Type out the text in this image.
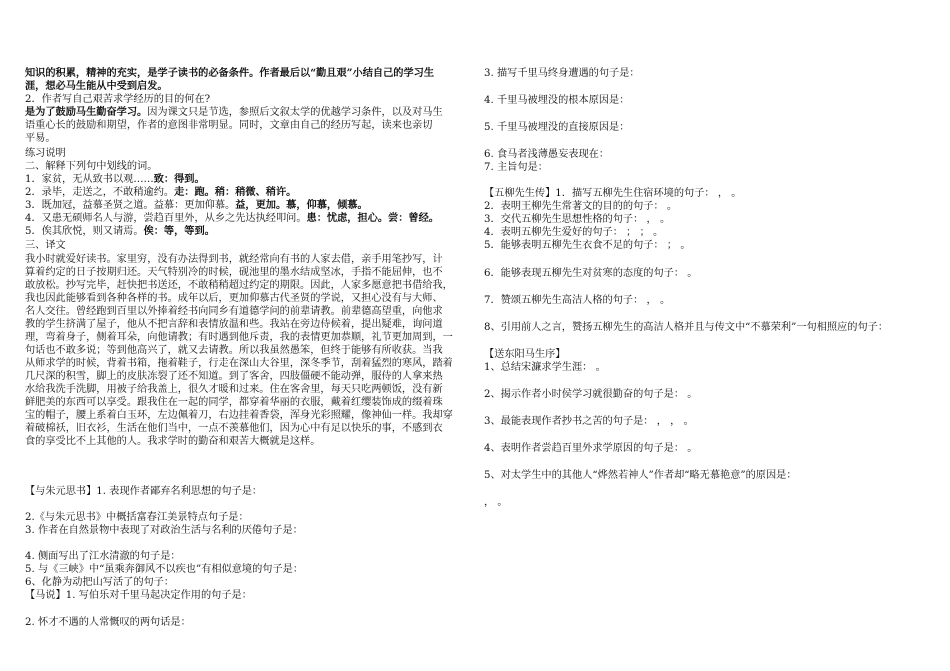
知识的积累，精神的充实，是学子读书的必备条件。作者最后以“勤且艰”小结自己的学习生
涯，想必马生能从中受到启发。
2．作者写自己艰苦求学经历的目的何在?
是为了鼓励马生勤奋学习。因为课文只是节选，参照后文叙太学的优越学习条件，以及对马生
语重心长的鼓励和期望，作者的意图非常明显。同时，文章由自己的经历写起，读来也亲切
平易。
练习说明
二、解释下列句中划线的词。
1．家贫，无从致书以观……致：得到。
2．录毕，走送之，不敢稍逾约。走：跑。稍：稍微、稍许。
3．既加冠，益慕圣贤之道。益慕：更加仰慕。益，更加。慕，仰慕，倾慕。
4．又患无硕师名人与游，尝趋百里外，从乡之先达执经叩问。患：忧虑，担心。尝：曾经。
5．俟其欣悦，则又请焉。俟：等，等到。
三、译文
我小时就爱好读书。家里穷，没有办法得到书，就经常向有书的人家去借，亲手用笔抄写，计
算着约定的日子按期归还。天气特别冷的时候，砚池里的墨水结成坚冰，手指不能屈伸，也不
敢放松。抄写完毕，赶快把书送还，不敢稍稍超过约定的期限。因此，人家多愿意把书借给我，
我也因此能够看到各种各样的书。成年以后，更加仰慕古代圣贤的学说，又担心没有与大师、
名人交往。曾经跑到百里以外捧着经书向同乡有道德学问的前辈请教。前辈德高望重，向他求
教的学生挤满了屋子，他从不把言辞和表情放温和些。我站在旁边侍候着，提出疑难，询问道
理，弯着身子，侧着耳朵，向他请教；有时遇到他斥责，我的表情更加恭顺，礼节更加周到，一
句话也不敢多说；等到他高兴了，就又去请教。所以我虽然愚笨，但终于能够有所收获。当我
从师求学的时候，背着书箱，拖着鞋子，行走在深山大谷里，深冬季节，刮着猛烈的寒风，踏着
几尺深的积雪，脚上的皮肤冻裂了还不知道。到了客舍，四肢僵硬不能动弹，服侍的人拿来热
水给我洗手洗脚，用被子给我盖上，很久才暖和过来。住在客舍里，每天只吃两顿饭，没有新
鲜肥美的东西可以享受。跟我住在一起的同学，都穿着华丽的衣服，戴着红缨装饰成的缀着珠
宝的帽子，腰上系着白玉环，左边佩着刀，右边挂着香袋，浑身光彩照耀，像神仙一样。我却穿
着破棉袄，旧衣衫，生活在他们当中，一点不羡慕他们，因为心中有足以快乐的事，不感到衣
食的享受比不上其他的人。我求学时的勤奋和艰苦大概就是这样。
【与朱元思书】1. 表现作者鄙弃名利思想的句子是：
2.《与朱元思书》中概括富春江美景特点句子是：
3. 作者在自然景物中表现了对政治生活与名利的厌倦句子是：
4. 侧面写出了江水清澈的句子是：
5. 与《三峡》中“虽乘奔御风不以疾也”有相似意境的句子是：
6、化静为动把山写活了的句子：
【马说】1. 写伯乐对千里马起决定作用的句子是：
2. 怀才不遇的人常慨叹的两句话是：
3. 描写千里马终身遭遇的句子是：
4. 千里马被埋没的根本原因是：
5. 千里马被埋没的直接原因是：
6. 食马者浅薄愚妄表现在：
7. 主旨句是：
【五柳先生传】1．描写五柳先生住宿环境的句子： ， 。
2．表明王柳先生常著文的目的的句子： 。
3．交代五柳先生思想性格的句子： ， 。
4．表明五柳先生爱好的句子： ； ； 。
5．能够表明五柳先生衣食不足的句子： ； 。
6．能够表现五柳先生对贫寒的态度的句子： 。
7．赞颂五柳先生高洁人格的句子： ， 。
8、引用前人之言，赞扬五柳先生的高洁人格并且与传文中“不慕荣利”一句相照应的句子：
【送东阳马生序】
1、总结宋濂求学生涯： 。
2、揭示作者小时侯学习就很勤奋的句子是： 。
3、最能表现作者抄书之苦的句子是： ， ， 。
4、表明作者尝趋百里外求学原因的句子是： 。
5、对太学生中的其他人“烨然若神人”作者却“略无慕艳意”的原因是：
， 。
